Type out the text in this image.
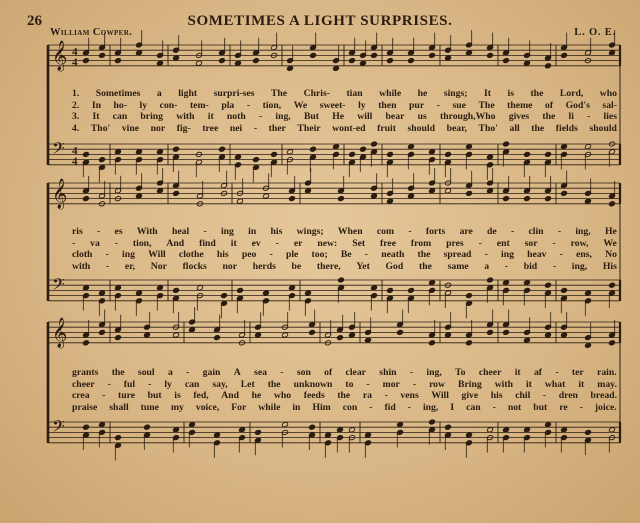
26	SOMETIMES A LIGHT SURPRISES.
William Cowper.	L. O. E.
𝄞 4
4
𝄢 4
4
𝄞
𝄢
𝄞
𝄢
1. Sometimes a light surpri-ses The Chris- tian while he sings; It is the Lord, who
2. In ho- ly con- tem- pla - tion, We sweet- ly then pur - sue The theme of God's sal-
3. It can bring with it noth - ing, But He will bear us through,Who gives the li - lies
4. Tho' vine nor fig- tree nei - ther Their wont-ed fruit should bear, Tho' all the fields should
ris - es With heal - ing in his wings; When com - forts are de - clin - ing, He
- va - tion, And find it ev - er new: Set free from pres - ent sor - row, We
cloth - ing Will clothe his peo - ple too; Be - neath the spread - ing heav - ens, No
with - er, Nor flocks nor herds be there, Yet God the same a - bid - ing, His
grants the soul a - gain A sea - son of clear shin - ing, To cheer it af - ter rain.
cheer - ful - ly can say, Let the unknown to - mor - row Bring with it what it may.
crea - ture but is fed, And he who feeds the ra - vens Will give his chil - dren bread.
praise shall tune my voice, For while in Him con - fid - ing, I can - not but re - joice.
